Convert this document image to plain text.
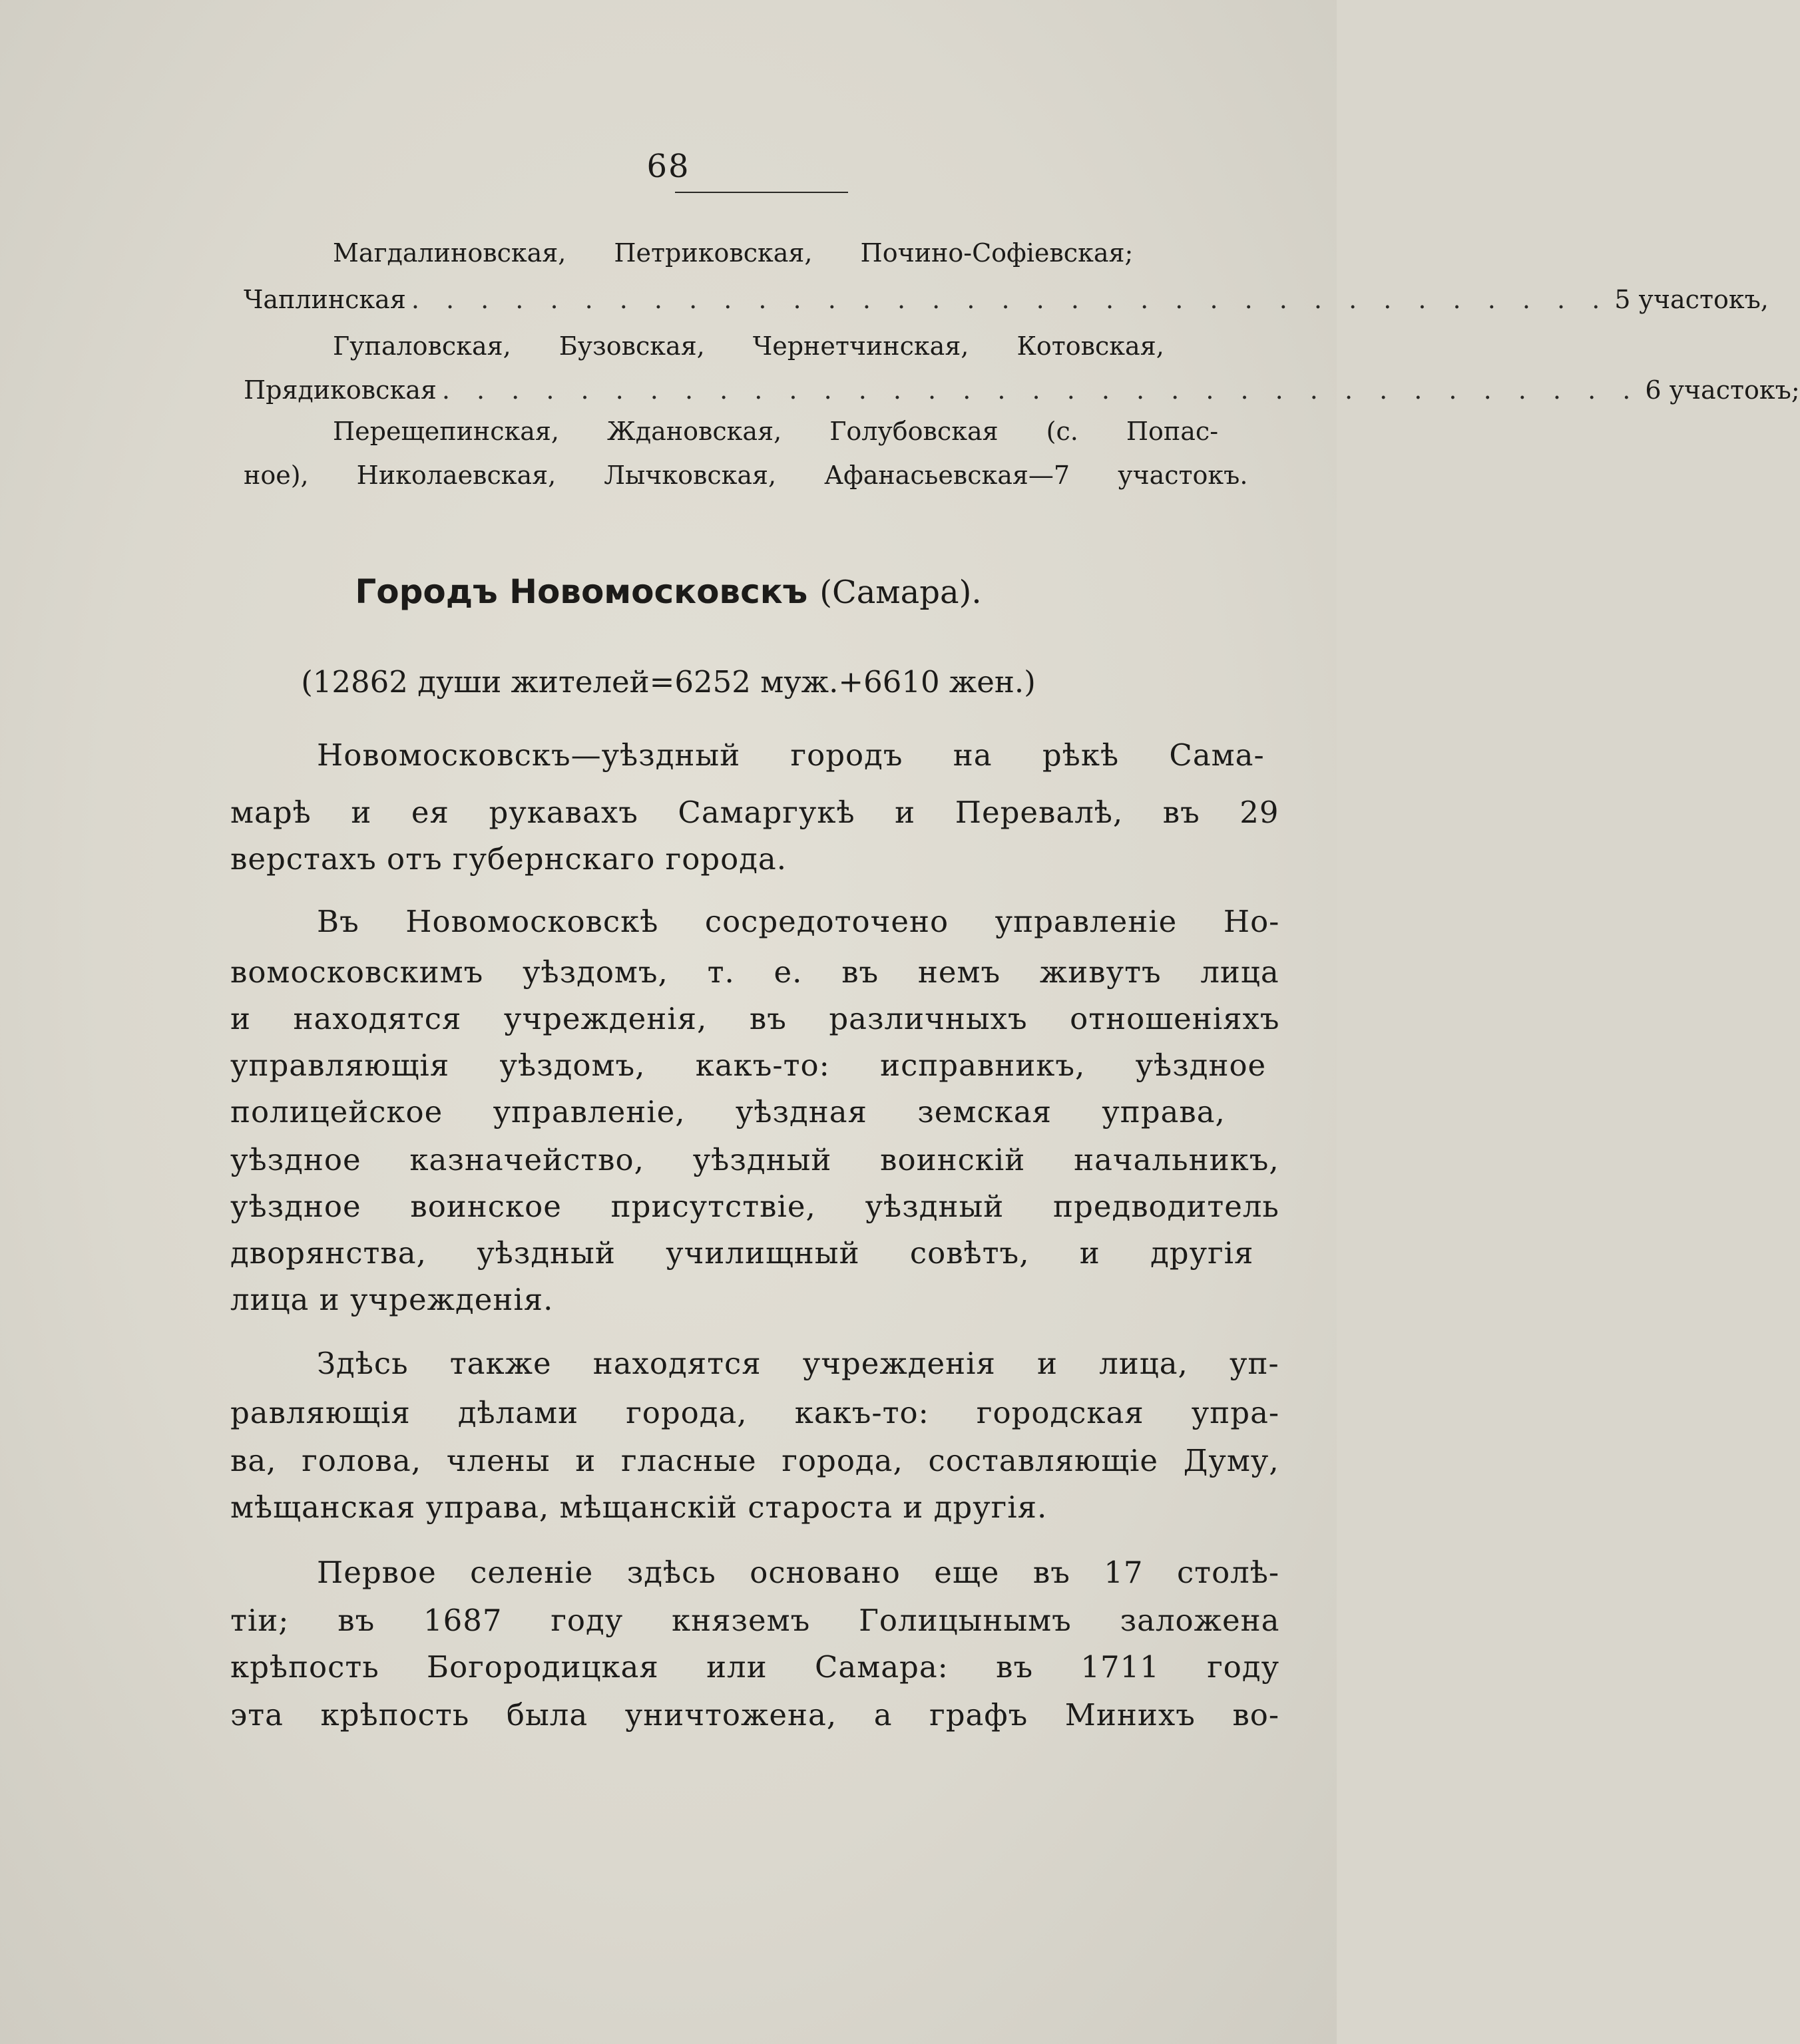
68
Магдалиновская, Петриковская, Почино-Софіевская;
Чаплинская . . . . . . . . . . . . . . . . . . . . . . . . . . . . . . . . . . . 5 участокъ,
Гупаловская, Бузовская, Чернетчинская, Котовская,
Прядиковская . . . . . . . . . . . . . . . . . . . . . . . . . . . . . . . . . . . 6 участокъ;
Перещепинская, Ждановская, Голубовская (с. Попас-
ное), Николаевская, Лычковская, Афанасьевская—7 участокъ.
Городъ Новомосковскъ (Самара).
(12862 души жителей=6252 муж.+6610 жен.)
Новомосковскъ—уѣздный городъ на рѣкѣ Сама-
марѣ и ея рукавахъ Самаргукѣ и Перевалѣ, въ 29
верстахъ отъ губернскаго города.
Въ Новомосковскѣ сосредоточено управленіе Но-
вомосковскимъ уѣздомъ, т. е. въ немъ живутъ лица
и находятся учрежденія, въ различныхъ отношеніяхъ
управляющія уѣздомъ, какъ-то: исправникъ, уѣздное
полицейское управленіе, уѣздная земская управа,
уѣздное казначейство, уѣздный воинскій начальникъ,
уѣздное воинское присутствіе, уѣздный предводитель
дворянства, уѣздный училищный совѣтъ, и другія
лица и учрежденія.
Здѣсь также находятся учрежденія и лица, уп-
равляющія дѣлами города, какъ-то: городская упра-
ва, голова, члены и гласные города, составляющіе Думу,
мѣщанская управа, мѣщанскій староста и другія.
Первое селеніе здѣсь основано еще въ 17 столѣ-
тіи; въ 1687 году княземъ Голицынымъ заложена
крѣпость Богородицкая или Самара: въ 1711 году
эта крѣпость была уничтожена, а графъ Минихъ во-
